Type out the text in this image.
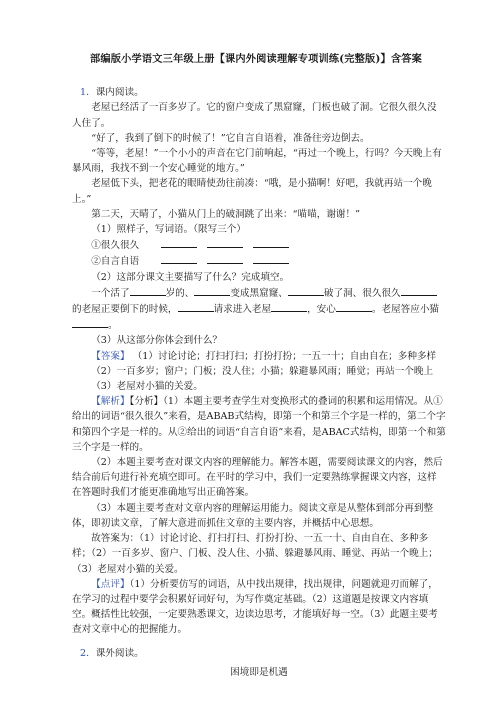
部编版小学语文三年级上册【课内外阅读理解专项训练(完整版)】含答案

1．课内阅读。

老屋已经活了一百多岁了。它的窗户变成了黑窟窿，门板也破了洞。它很久很久没人住了。

“好了，我到了倒下的时候了！”它自言自语着，准备往旁边倒去。

“等等，老屋！”一个小小的声音在它门前响起，“再过一个晚上，行吗？今天晚上有暴风雨，我找不到一个安心睡觉的地方。”

老屋低下头，把老花的眼睛使劲往前凑：“哦，是小猫啊！好吧，我就再站一个晚上。”

第二天，天晴了，小猫从门上的破洞跳了出来：“喵喵，谢谢！”

（1）照样子，写词语。（限写三个）

①很久很久

②自言自语

（2）这部分课文主要描写了什么？完成填空。

一个活了	岁的、	变成黑窟窿、	破了洞、很久很久的老屋正要倒下的时候，	请求进入老屋	，安心	。老屋答应小猫。

（3）从这部分你体会到什么？

【答案】 （1）讨论讨论；打扫打扫；打扮打扮；一五一十；自由自在；多种多样

（2）一百多岁；窗户；门板；没人住；小猫；躲避暴风雨；睡觉；再站一个晚上

（3）老屋对小猫的关爱。

【解析】【分析】（1）本题主要考查学生对变换形式的叠词的积累和运用情况。从①给出的词语“很久很久”来看，是ABAB式结构，即第一个和第三个字是一样的，第二个字和第四个字是一样的。从②给出的词语“自言自语”来看，是ABAC式结构，即第一个和第三个字是一样的。

（2）本题主要考查对课文内容的理解能力。解答本题，需要阅读课文的内容，然后结合前后句进行补充填空即可。在平时的学习中，我们一定要熟练掌握课文内容，这样在答题时我们才能更准确地写出正确答案。

（3）本题主要考查对文章内容的理解运用能力。阅读文章是从整体到部分再到整体，即初读文章，了解大意进而抓住文章的主要内容，并概括中心思想。

故答案为：（1）讨论讨论、打扫打扫、打扮打扮、一五一十、自由自在、多种多样；（2）一百多岁、窗户、门板、没人住、小猫、躲避暴风雨、睡觉、再站一个晚上；（3）老屋对小猫的关爱。

【点评】（1）分析要仿写的词语，从中找出规律，找出规律，问题就迎刃而解了，在学习的过程中要学会积累好词好句，为写作奠定基础。（2）这道题是按课文内容填空。概括性比较强，一定要熟悉课文，边读边思考，才能填好每一空。（3）此题主要考查对文章中心的把握能力。

2．课外阅读。

困境即是机遇
